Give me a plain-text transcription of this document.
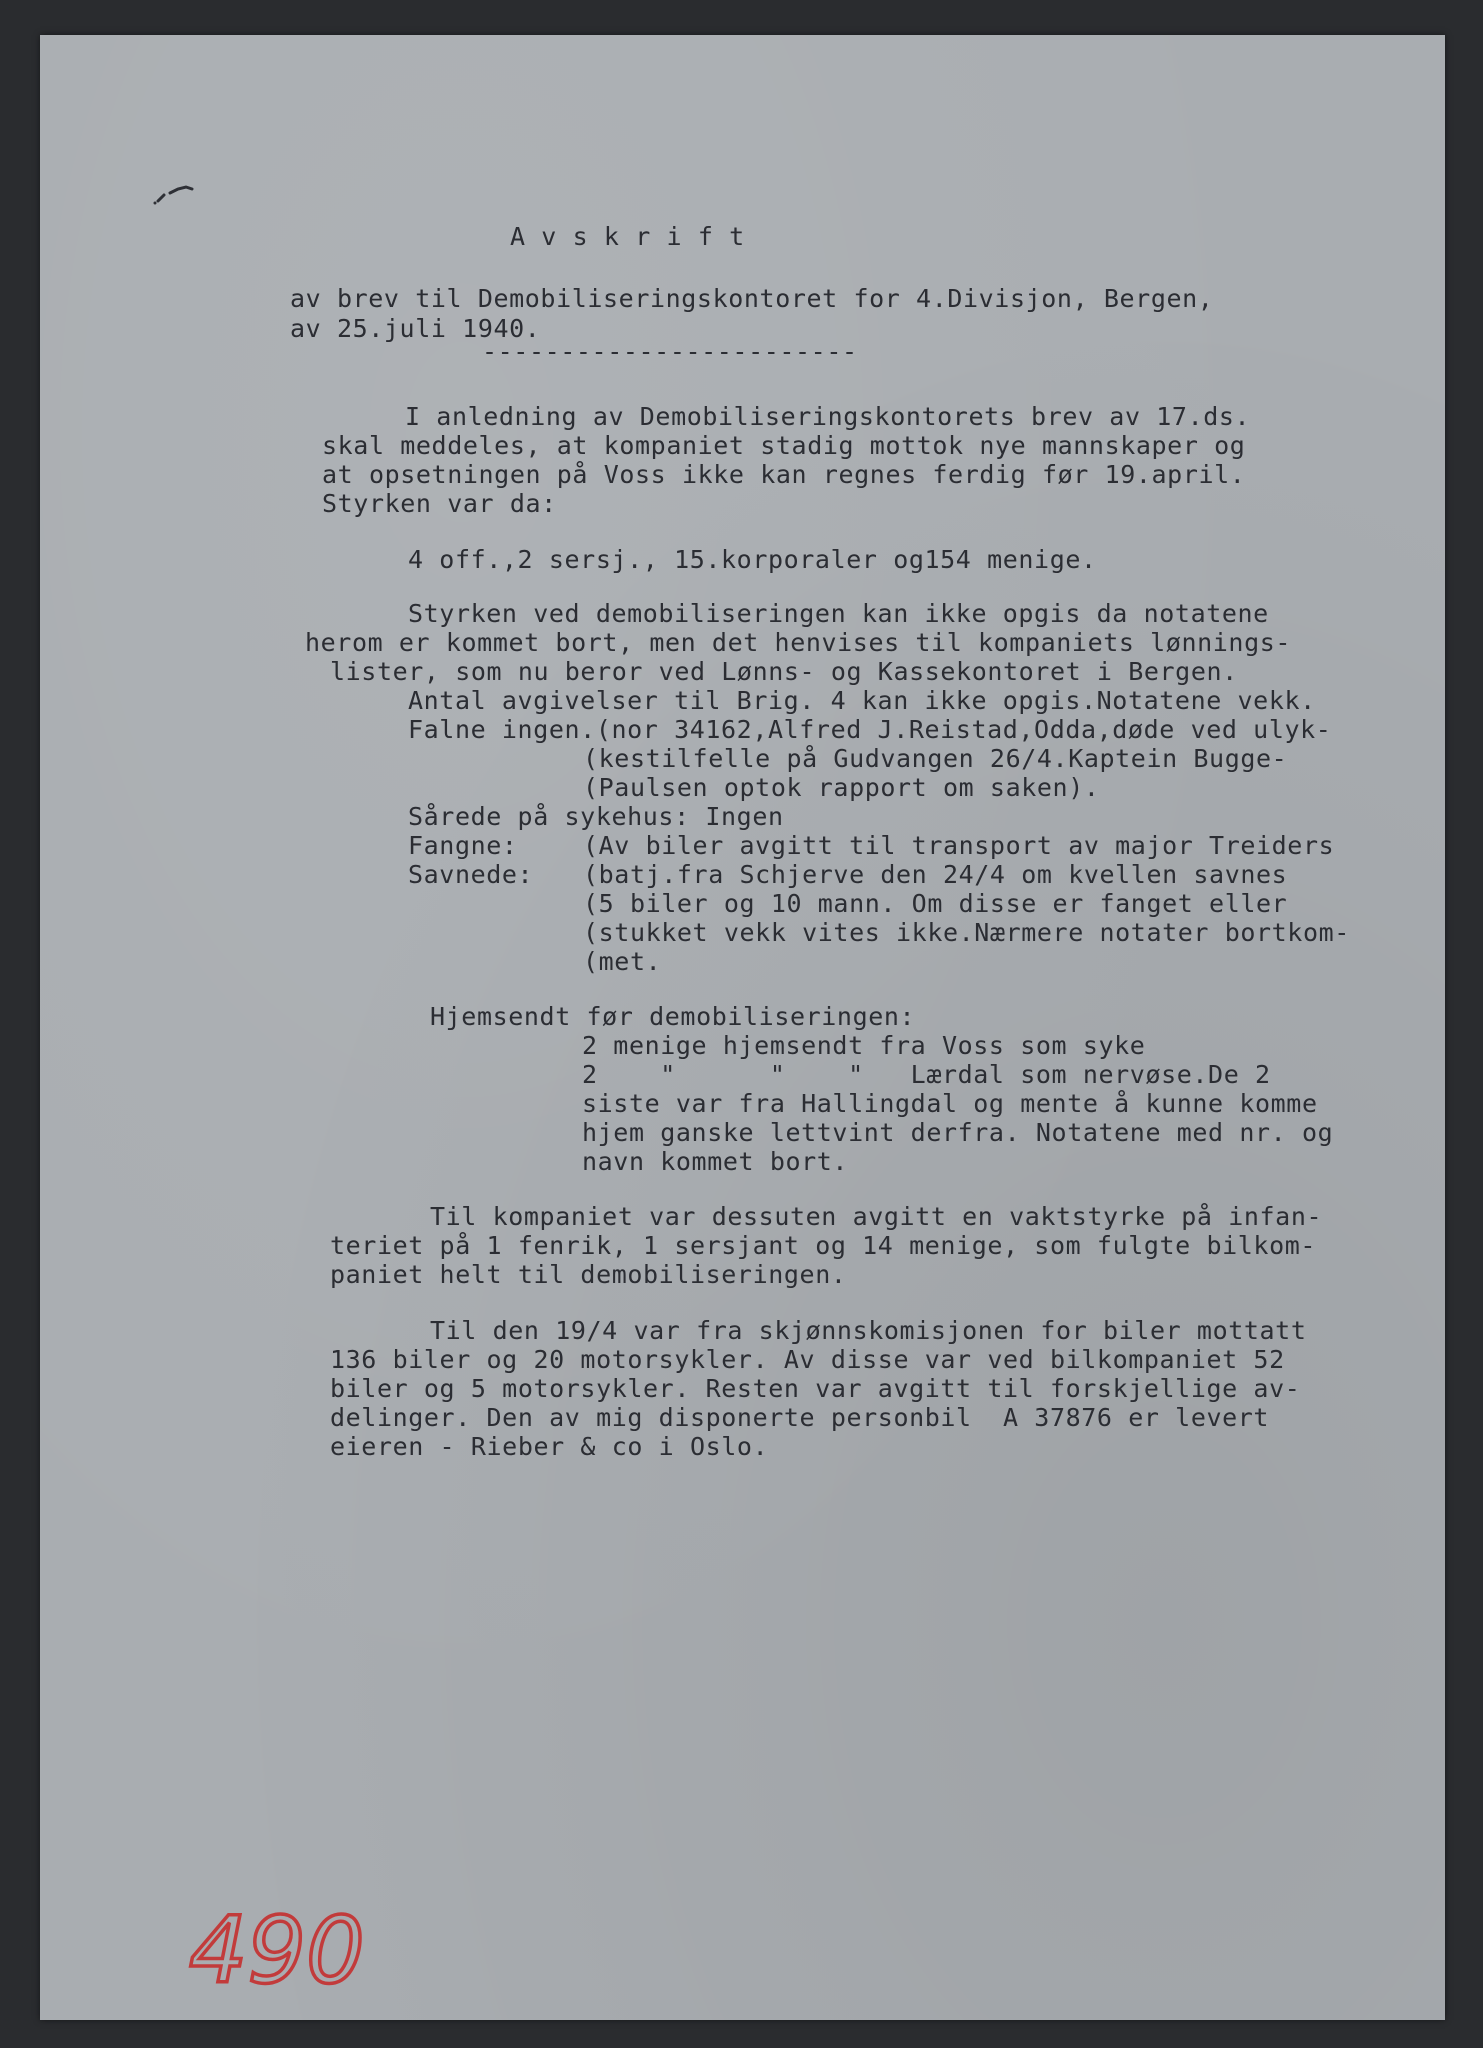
A v s k r i f t
av brev til Demobiliseringskontoret for 4.Divisjon, Bergen,
av 25.juli 1940.
------------------------
I anledning av Demobiliseringskontorets brev av 17.ds.
skal meddeles, at kompaniet stadig mottok nye mannskaper og
at opsetningen på Voss ikke kan regnes ferdig før 19.april.
Styrken var da:
4 off.,2 sersj., 15.korporaler og154 menige.
Styrken ved demobiliseringen kan ikke opgis da notatene
herom er kommet bort, men det henvises til kompaniets lønnings-
lister, som nu beror ved Lønns- og Kassekontoret i Bergen.
Antal avgivelser til Brig. 4 kan ikke opgis.Notatene vekk.
Falne ingen.(nor 34162,Alfred J.Reistad,Odda,døde ved ulyk-
(kestilfelle på Gudvangen 26/4.Kaptein Bugge-
(Paulsen optok rapport om saken).
Sårede på sykehus: Ingen
Fangne:	(Av biler avgitt til transport av major Treiders
Savnede: (batj.fra Schjerve den 24/4 om kvellen savnes
(5 biler og 10 mann. Om disse er fanget eller
(stukket vekk vites ikke.Nærmere notater bortkom-
(met.
Hjemsendt før demobiliseringen:
2 menige hjemsendt fra Voss som syke
2    "      "    "   Lærdal som nervøse.De 2
siste var fra Hallingdal og mente å kunne komme
hjem ganske lettvint derfra. Notatene med nr. og
navn kommet bort.
Til kompaniet var dessuten avgitt en vaktstyrke på infan-
teriet på 1 fenrik, 1 sersjant og 14 menige, som fulgte bilkom-
paniet helt til demobiliseringen.
Til den 19/4 var fra skjønnskomisjonen for biler mottatt
136 biler og 20 motorsykler. Av disse var ved bilkompaniet 52
biler og 5 motorsykler. Resten var avgitt til forskjellige av-
delinger. Den av mig disponerte personbil  A 37876 er levert
eieren - Rieber & co i Oslo.
490
